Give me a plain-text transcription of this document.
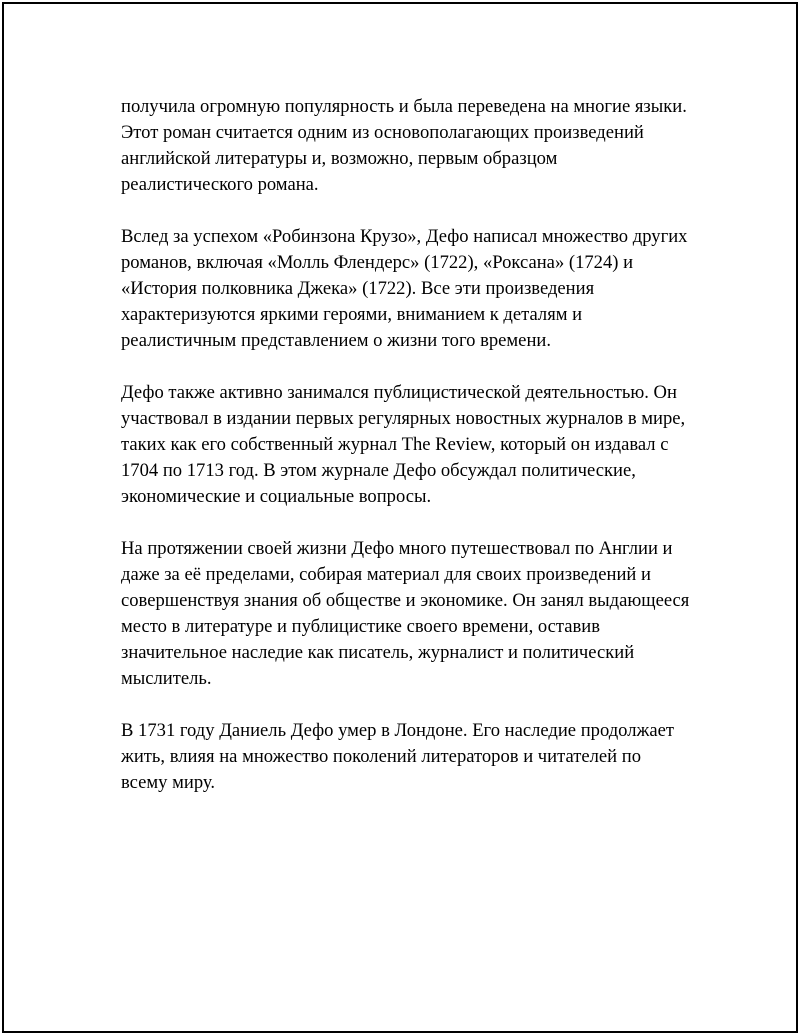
получила огромную популярность и была переведена на многие языки.
Этот роман считается одним из основополагающих произведений
английской литературы и, возможно, первым образцом
реалистического романа.

Вслед за успехом «Робинзона Крузо», Дефо написал множество других
романов, включая «Молль Флендерс» (1722), «Роксана» (1724) и
«История полковника Джека» (1722). Все эти произведения
характеризуются яркими героями, вниманием к деталям и
реалистичным представлением о жизни того времени.

Дефо также активно занимался публицистической деятельностью. Он
участвовал в издании первых регулярных новостных журналов в мире,
таких как его собственный журнал The Review, который он издавал с
1704 по 1713 год. В этом журнале Дефо обсуждал политические,
экономические и социальные вопросы.

На протяжении своей жизни Дефо много путешествовал по Англии и
даже за её пределами, собирая материал для своих произведений и
совершенствуя знания об обществе и экономике. Он занял выдающееся
место в литературе и публицистике своего времени, оставив
значительное наследие как писатель, журналист и политический
мыслитель.

В 1731 году Даниель Дефо умер в Лондоне. Его наследие продолжает
жить, влияя на множество поколений литераторов и читателей по
всему миру.
